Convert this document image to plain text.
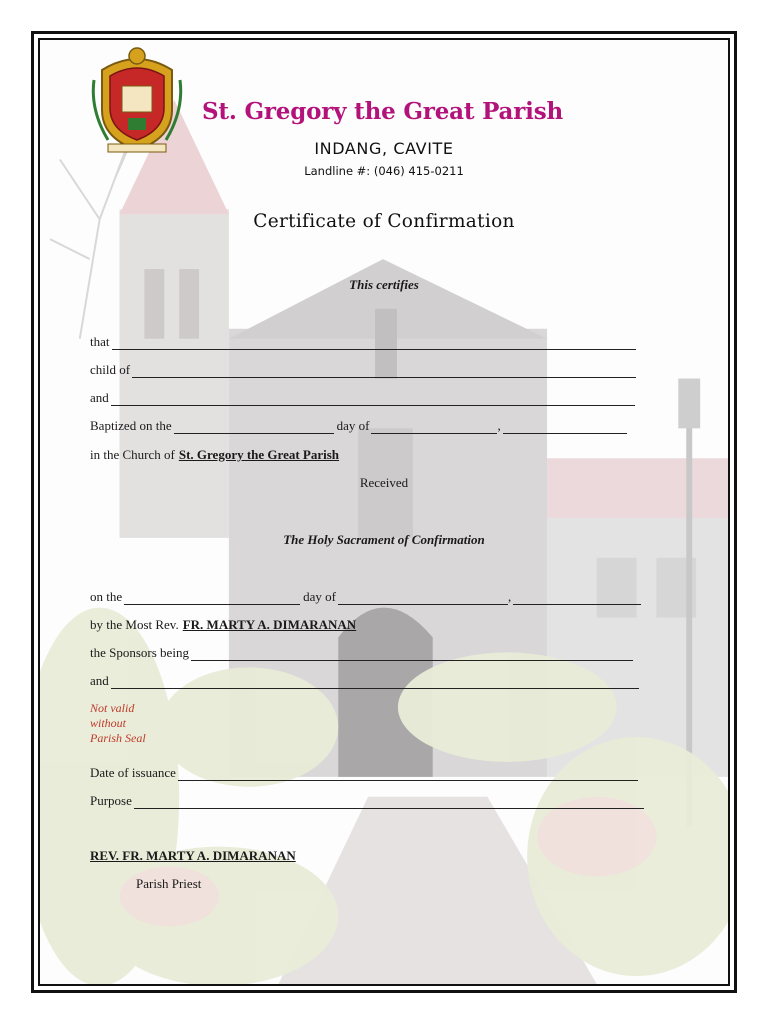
St. Gregory the Great Parish
INDANG, CAVITE
Landline #: (046) 415-0211
Certificate of Confirmation
This certifies
that
child of
and
Baptized on the	day of	,
in the Church of St. Gregory the Great Parish
Received
The Holy Sacrament of Confirmation
on the	day of	,
by the Most Rev. FR. MARTY A. DIMARANAN
the Sponsors being
and
Not valid
without
Parish Seal
Date of issuance
Purpose
REV. FR. MARTY A. DIMARANAN
Parish Priest
